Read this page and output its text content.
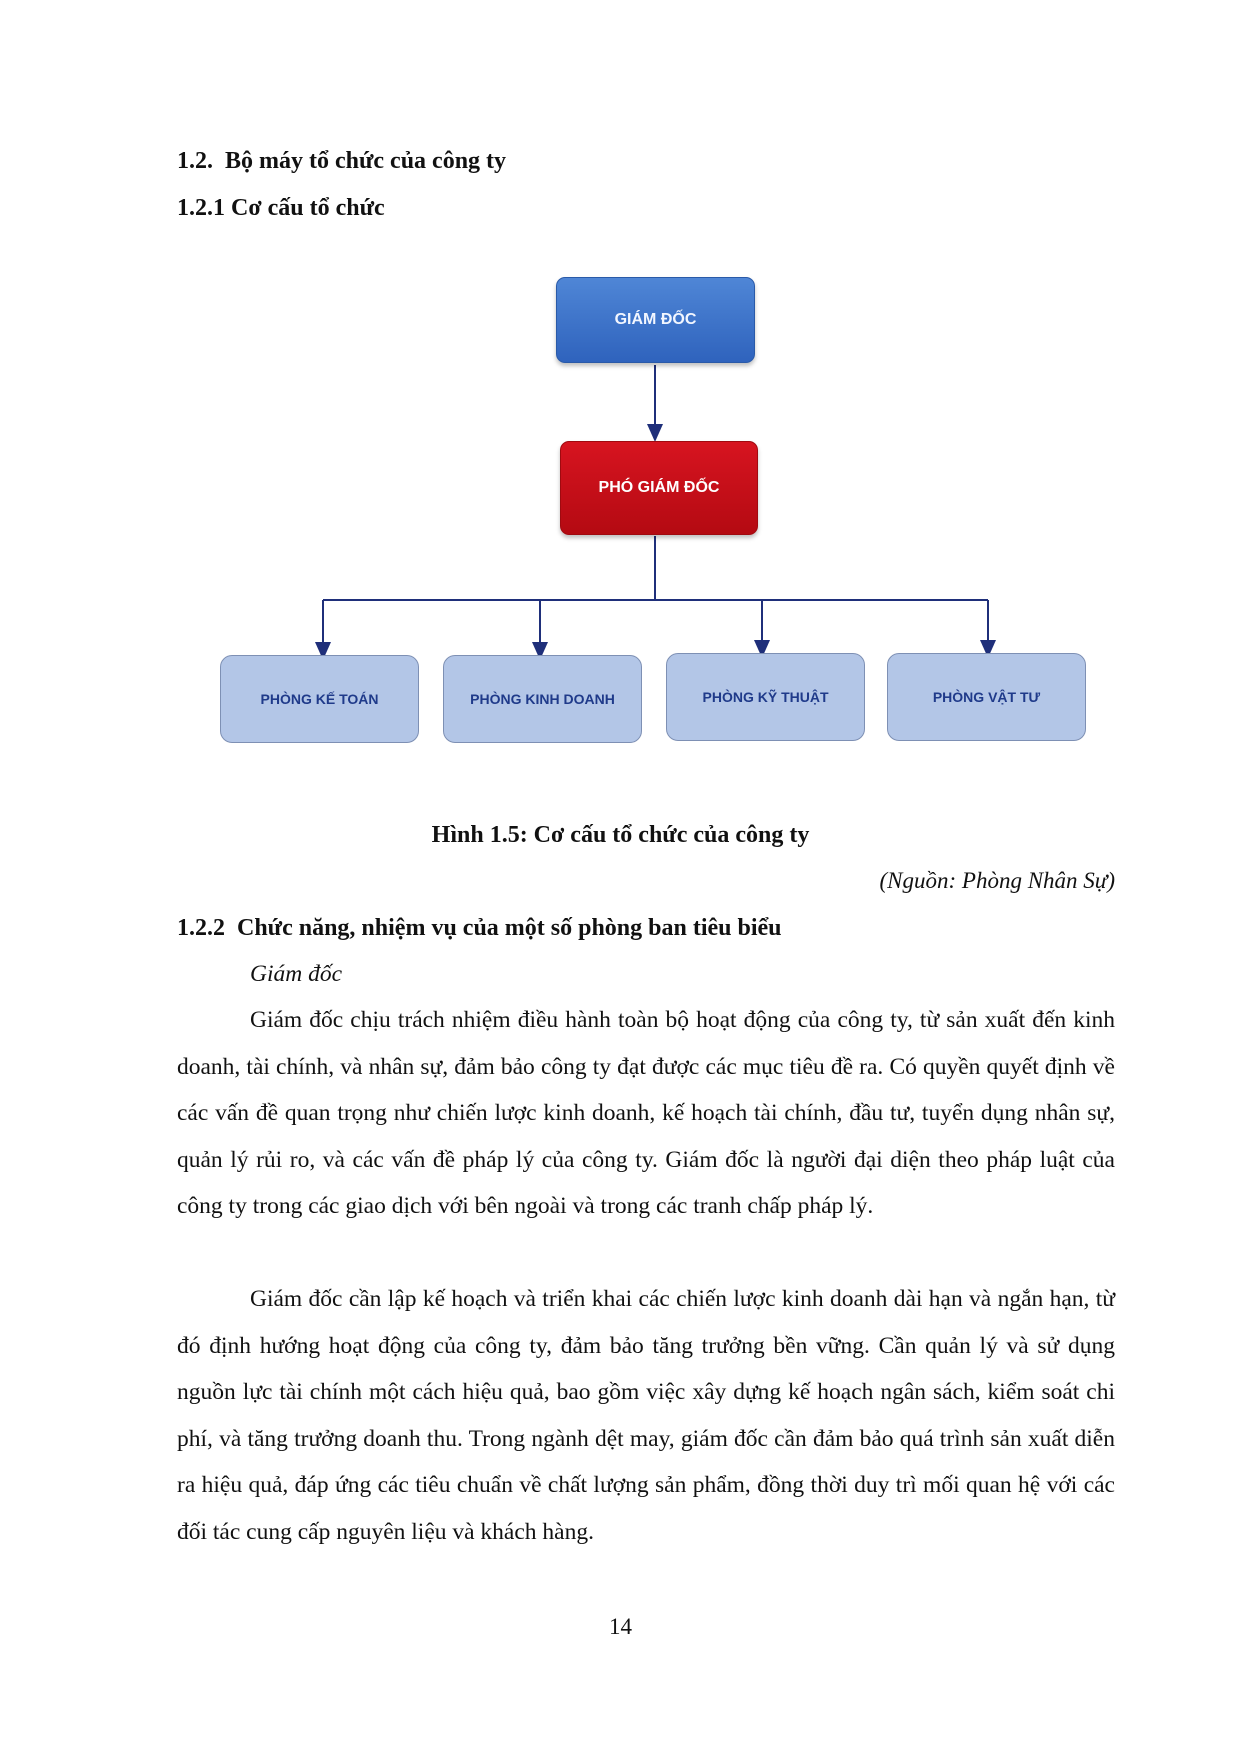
1.2. Bộ máy tổ chức của công ty
1.2.1 Cơ cấu tổ chức
GIÁM ĐỐC
PHÓ GIÁM ĐỐC
PHÒNG KẾ TOÁN	PHÒNG KINH DOANH	PHÒNG KỸ THUẬT	PHÒNG VẬT TƯ
Hình 1.5: Cơ cấu tổ chức của công ty
(Nguồn: Phòng Nhân Sự)
1.2.2 Chức năng, nhiệm vụ của một số phòng ban tiêu biểu
Giám đốc

Giám đốc chịu trách nhiệm điều hành toàn bộ hoạt động của công ty, từ sản xuất đến kinh doanh, tài chính, và nhân sự, đảm bảo công ty đạt được các mục tiêu đề ra. Có quyền quyết định về các vấn đề quan trọng như chiến lược kinh doanh, kế hoạch tài chính, đầu tư, tuyển dụng nhân sự, quản lý rủi ro, và các vấn đề pháp lý của công ty. Giám đốc là người đại diện theo pháp luật của công ty trong các giao dịch với bên ngoài và trong các tranh chấp pháp lý.

Giám đốc cần lập kế hoạch và triển khai các chiến lược kinh doanh dài hạn và ngắn hạn, từ đó định hướng hoạt động của công ty, đảm bảo tăng trưởng bền vững. Cần quản lý và sử dụng nguồn lực tài chính một cách hiệu quả, bao gồm việc xây dựng kế hoạch ngân sách, kiểm soát chi phí, và tăng trưởng doanh thu. Trong ngành dệt may, giám đốc cần đảm bảo quá trình sản xuất diễn ra hiệu quả, đáp ứng các tiêu chuẩn về chất lượng sản phẩm, đồng thời duy trì mối quan hệ với các đối tác cung cấp nguyên liệu và khách hàng.

14
